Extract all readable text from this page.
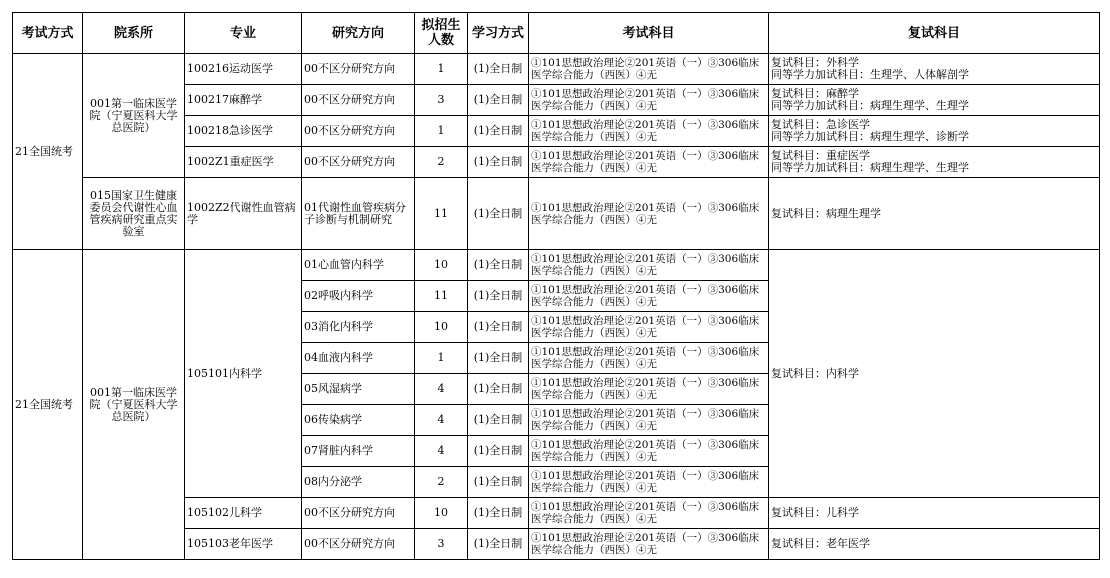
考试方式	院系所	专业	研究方向	拟招生人数	学习方式	考试科目	复试科目
21全国统考	001第一临床医学院（宁夏医科大学总医院）	100216运动医学	00不区分研究方向	1	(1)全日制	①101思想政治理论②201英语（一）③306临床医学综合能力（西医）④无	复试科目：外科学
同等学力加试科目：生理学、人体解剖学
		100217麻醉学	00不区分研究方向	3	(1)全日制	①101思想政治理论②201英语（一）③306临床医学综合能力（西医）④无	复试科目：麻醉学
同等学力加试科目：病理生理学、生理学
		100218急诊医学	00不区分研究方向	1	(1)全日制	①101思想政治理论②201英语（一）③306临床医学综合能力（西医）④无	复试科目：急诊医学
同等学力加试科目：病理生理学、诊断学
		1002Z1重症医学	00不区分研究方向	2	(1)全日制	①101思想政治理论②201英语（一）③306临床医学综合能力（西医）④无	复试科目：重症医学
同等学力加试科目：病理生理学、生理学
	015国家卫生健康委员会代谢性心血管疾病研究重点实验室	1002Z2代谢性血管病学	01代谢性血管疾病分子诊断与机制研究	11	(1)全日制	①101思想政治理论②201英语（一）③306临床医学综合能力（西医）④无	复试科目：病理生理学
21全国统考	001第一临床医学院（宁夏医科大学总医院）	105101内科学	01心血管内科学	10	(1)全日制	①101思想政治理论②201英语（一）③306临床医学综合能力（西医）④无	复试科目：内科学
			02呼吸内科学	11	(1)全日制	①101思想政治理论②201英语（一）③306临床医学综合能力（西医）④无	
			03消化内科学	10	(1)全日制	①101思想政治理论②201英语（一）③306临床医学综合能力（西医）④无	
			04血液内科学	1	(1)全日制	①101思想政治理论②201英语（一）③306临床医学综合能力（西医）④无	
			05风湿病学	4	(1)全日制	①101思想政治理论②201英语（一）③306临床医学综合能力（西医）④无	
			06传染病学	4	(1)全日制	①101思想政治理论②201英语（一）③306临床医学综合能力（西医）④无	
			07肾脏内科学	4	(1)全日制	①101思想政治理论②201英语（一）③306临床医学综合能力（西医）④无	
			08内分泌学	2	(1)全日制	①101思想政治理论②201英语（一）③306临床医学综合能力（西医）④无	
		105102儿科学	00不区分研究方向	10	(1)全日制	①101思想政治理论②201英语（一）③306临床医学综合能力（西医）④无	复试科目：儿科学
		105103老年医学	00不区分研究方向	3	(1)全日制	①101思想政治理论②201英语（一）③306临床医学综合能力（西医）④无	复试科目：老年医学
